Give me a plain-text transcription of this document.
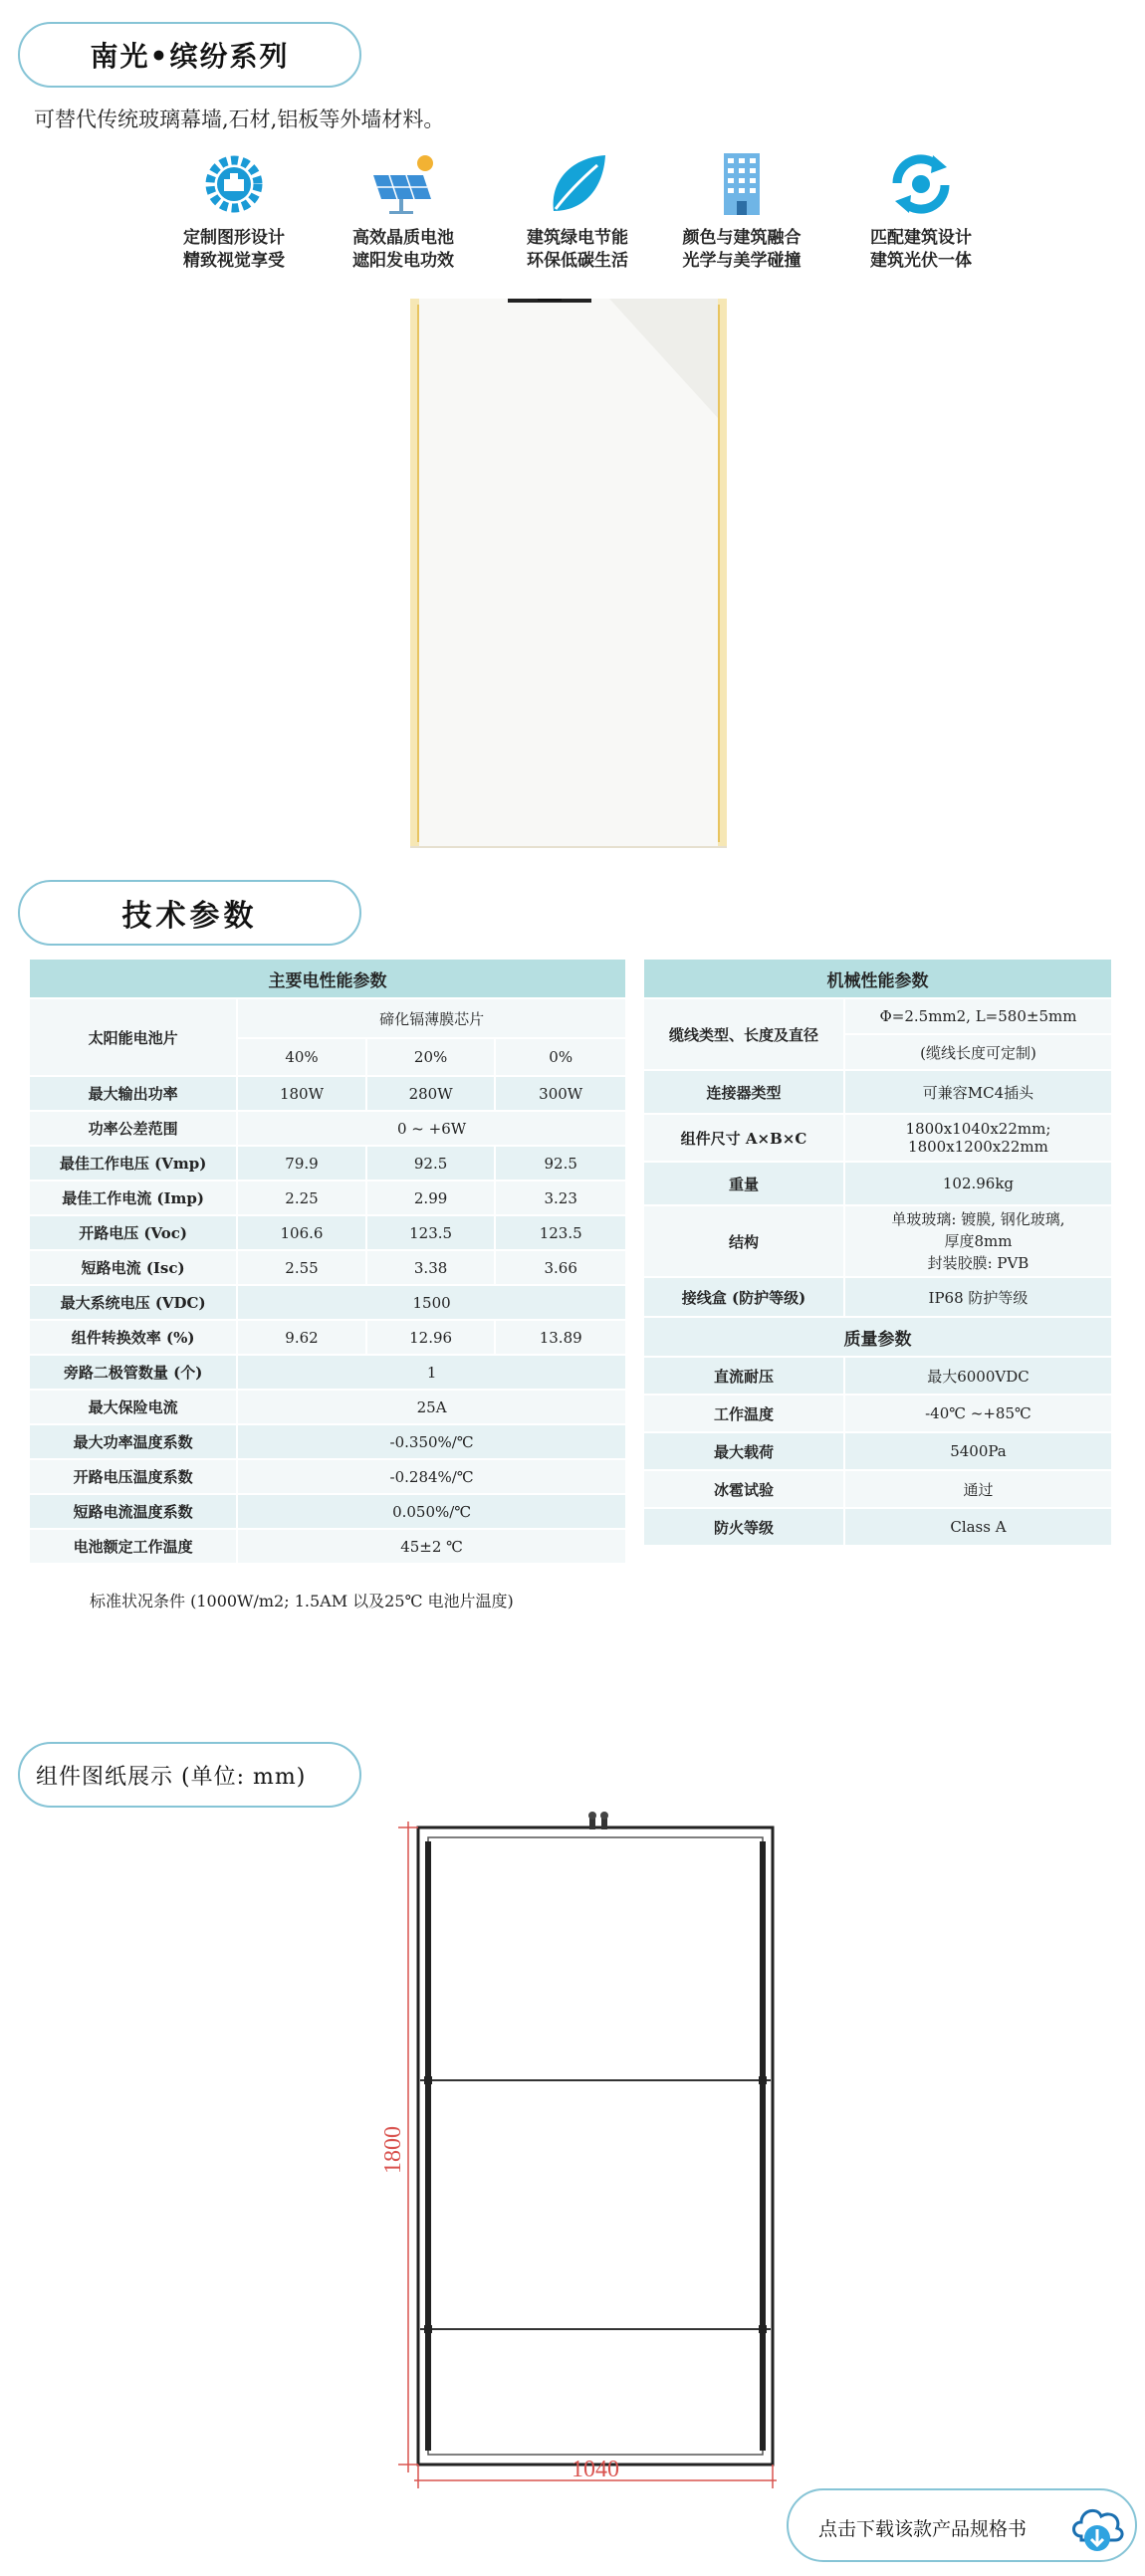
南光•缤纷系列
可替代传统玻璃幕墙,石材,铝板等外墙材料。
定制图形设计
精致视觉享受
高效晶质电池
遮阳发电功效
建筑绿电节能
环保低碳生活
颜色与建筑融合
光学与美学碰撞
匹配建筑设计
建筑光伏一体
技术参数
主要电性能参数			
太阳能电池片	碲化镉薄膜芯片		
	40%	20%	0%
最大输出功率	180W	280W	300W
功率公差范围	0 ~ +6W		
最佳工作电压 (Vmp)	79.9	92.5	92.5
最佳工作电流 (Imp)	2.25	2.99	3.23
开路电压 (Voc)	106.6	123.5	123.5
短路电流 (Isc)	2.55	3.38	3.66
最大系统电压 (VDC)	1500		
组件转换效率 (%)	9.62	12.96	13.89
旁路二极管数量 (个)	1		
最大保险电流	25A		
最大功率温度系数	-0.350%/℃		
开路电压温度系数	-0.284%/℃		
短路电流温度系数	0.050%/℃		
电池额定工作温度	45±2 ℃		
机械性能参数	
缆线类型、长度及直径	Φ=2.5mm2, L=580±5mm
	(缆线长度可定制)
连接器类型	可兼容MC4插头
组件尺寸 A×B×C	1800x1040x22mm;
1800x1200x22mm

重量	102.96kg
结构	单玻玻璃: 镀膜, 钢化玻璃,
厚度8mm
封装胶膜: PVB

接线盒 (防护等级)	IP68 防护等级
质量参数	
直流耐压	最大6000VDC
工作温度	-40℃ ~+85℃
最大载荷	5400Pa
冰雹试验	通过
防火等级	Class A
标准状况条件 (1000W/m2; 1.5AM 以及25℃ 电池片温度)
组件图纸展示 (单位: mm)
1800
1040
点击下载该款产品规格书
